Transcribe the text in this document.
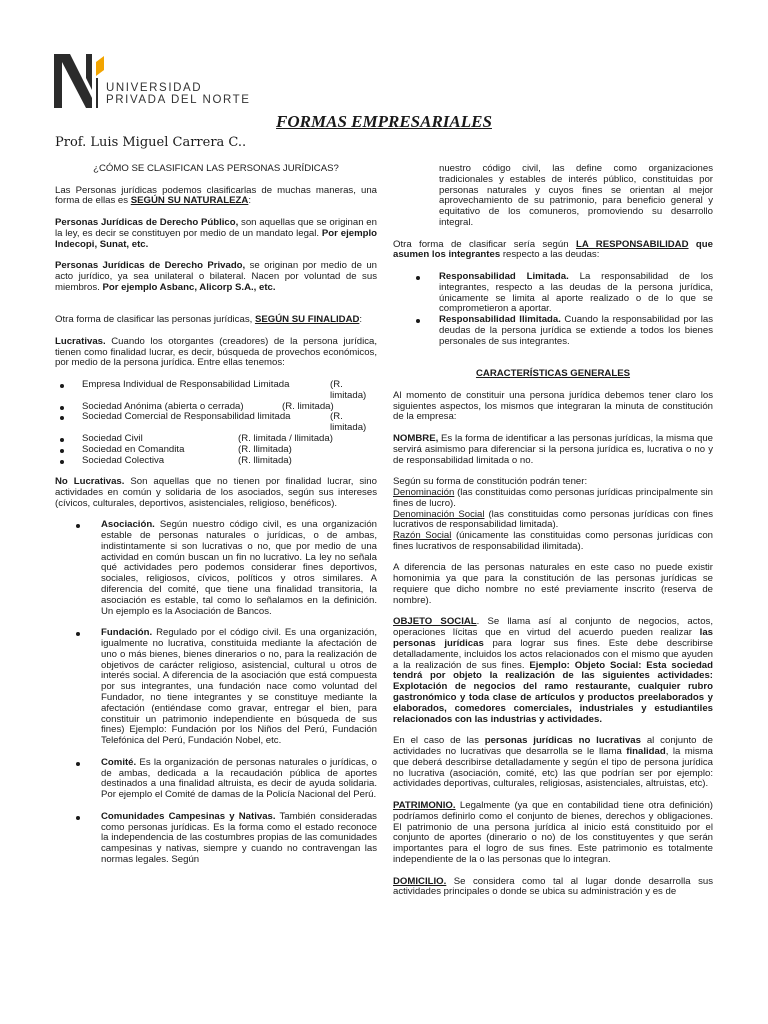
UNIVERSIDAD
PRIVADA DEL NORTE
FORMAS EMPRESARIALES
Prof. Luis Miguel Carrera C..

¿CÓMO SE CLASIFICAN LAS PERSONAS JURÍDICAS?

Las Personas jurídicas podemos clasificarlas de muchas maneras, una forma de ellas es SEGÚN SU NATURALEZA:

Personas Jurídicas de Derecho Público, son aquellas que se originan en la ley, es decir se constituyen por medio de un mandato legal. Por ejemplo Indecopi, Sunat, etc.

Personas Jurídicas de Derecho Privado, se originan por medio de un acto jurídico, ya sea unilateral o bilateral. Nacen por voluntad de sus miembros. Por ejemplo Asbanc, Alicorp S.A., etc.

Otra forma de clasificar las personas jurídicas, SEGÚN SU FINALIDAD:

Lucrativas. Cuando los otorgantes (creadores) de la persona jurídica, tienen como finalidad lucrar, es decir, búsqueda de provechos económicos, por medio de la persona jurídica. Entre ellas tenemos:

Empresa Individual de Responsabilidad Limitada	(R. limitada)
Sociedad Anónima (abierta o cerrada)	(R. limitada)
Sociedad Comercial de Responsabilidad limitada	(R. limitada)
Sociedad Civil	(R. limitada / llimitada)
Sociedad en Comandita	(R. llimitada)
Sociedad Colectiva	(R. llimitada)

No Lucrativas. Son aquellas que no tienen por finalidad lucrar, sino actividades en común y solidaria de los asociados, según sus intereses (cívicos, culturales, deportivos, asistenciales, religioso, benéficos).

Asociación. Según nuestro código civil, es una organización estable de personas naturales o jurídicas, o de ambas, indistintamente si son lucrativas o no, que por medio de una actividad en común buscan un fin no lucrativo. La ley no señala qué actividades pero podemos considerar fines deportivos, sociales, religiosos, cívicos, políticos y otros similares. A diferencia del comité, que tiene una finalidad transitoria, la asociación es estable, tal como lo señalamos en la definición. Un ejemplo es la Asociación de Bancos.
Fundación. Regulado por el código civil. Es una organización, igualmente no lucrativa, constituida mediante la afectación de uno o más bienes, bienes dinerarios o no, para la realización de objetivos de carácter religioso, asistencial, cultural u otros de interés social. A diferencia de la asociación que está compuesta por sus integrantes, una fundación nace como voluntad del Fundador, no tiene integrantes y se constituye mediante la afectación (entiéndase como gravar, entregar el bien, para constituir un patrimonio independiente en búsqueda de sus fines) Ejemplo: Fundación por los Niños del Perú, Fundación Telefónica del Perú, Fundación Nobel, etc.
Comité. Es la organización de personas naturales o jurídicas, o de ambas, dedicada a la recaudación pública de aportes destinados a una finalidad altruista, es decir de ayuda solidaria. Por ejemplo el Comité de damas de la Policía Nacional del Perú.
Comunidades Campesinas y Nativas. También consideradas como personas jurídicas. Es la forma como el estado reconoce la independencia de las costumbres propias de las comunidades campesinas y nativas, siempre y cuando no contravengan las normas legales. Según

nuestro código civil, las define como organizaciones tradicionales y estables de interés público, constituidas por personas naturales y cuyos fines se orientan al mejor aprovechamiento de su patrimonio, para beneficio general y equitativo de los comuneros, promoviendo su desarrollo integral.

Otra forma de clasificar sería según LA RESPONSABILIDAD que asumen los integrantes respecto a las deudas:

Responsabilidad Limitada. La responsabilidad de los integrantes, respecto a las deudas de la persona jurídica, únicamente se limita al aporte realizado o de lo que se comprometieron a aportar.
Responsabilidad Ilimitada. Cuando la responsabilidad por las deudas de la persona jurídica se extiende a todos los bienes personales de sus integrantes.

CARACTERÍSTICAS GENERALES

Al momento de constituir una persona jurídica debemos tener claro los siguientes aspectos, los mismos que integraran la minuta de constitución de la empresa:

NOMBRE, Es la forma de identificar a las personas jurídicas, la misma que servirá asimismo para diferenciar si la persona jurídica es, lucrativa o no y de responsabilidad limitada o no.

Según su forma de constitución podrán tener:

Denominación (las constituidas como personas jurídicas principalmente sin fines de lucro).

Denominación Social (las constituidas como personas jurídicas con fines lucrativos de responsabilidad limitada).

Razón Social (únicamente las constituidas como personas jurídicas con fines lucrativos de responsabilidad ilimitada).

A diferencia de las personas naturales en este caso no puede existir homonimia ya que para la constitución de las personas jurídicas se requiere que dicho nombre no esté previamente inscrito (reserva de nombre).

OBJETO SOCIAL. Se llama así al conjunto de negocios, actos, operaciones lícitas que en virtud del acuerdo pueden realizar las personas jurídicas para lograr sus fines. Este debe describirse detalladamente, incluidos los actos relacionados con el mismo que ayuden a la realización de sus fines. Ejemplo: Objeto Social: Esta sociedad tendrá por objeto la realización de las siguientes actividades: Explotación de negocios del ramo restaurante, cualquier rubro gastronómico y toda clase de artículos y productos preelaborados y elaborados, comedores comerciales, industriales y estudiantiles relacionados con las industrias y actividades.

En el caso de las personas jurídicas no lucrativas al conjunto de actividades no lucrativas que desarrolla se le llama finalidad, la misma que deberá describirse detalladamente y según el tipo de persona jurídica no lucrativa (asociación, comité, etc) las que podrían ser por ejemplo: actividades deportivas, culturales, religiosas, asistenciales, altruistas, etc).

PATRIMONIO. Legalmente (ya que en contabilidad tiene otra definición) podríamos definirlo como el conjunto de bienes, derechos y obligaciones. El patrimonio de una persona jurídica al inicio está constituido por el conjunto de aportes (dinerario o no) de los constituyentes y que serán importantes para el logro de sus fines. Este patrimonio es totalmente independiente de la o las personas que lo integran.

DOMICILIO. Se considera como tal al lugar donde desarrolla sus actividades principales o donde se ubica su administración y es de
